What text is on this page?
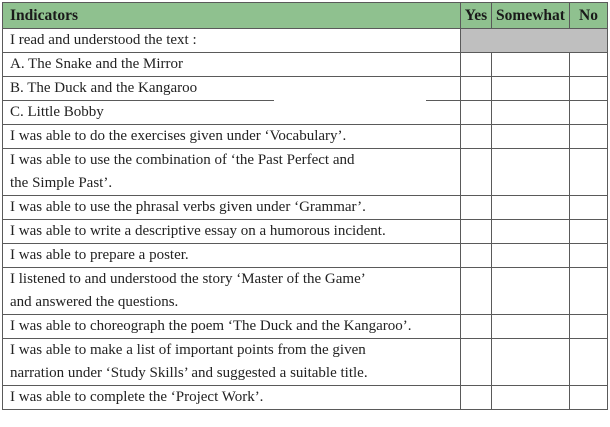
Indicators	Yes	Somewhat	No

I read and understood the text :			

A. The Snake and the Mirror			

B. The Duck and the Kangaroo			

C. Little Bobby			

I was able to do the exercises given under ‘Vocabulary’.			

I was able to use the combination of ‘the Past Perfect and
the Simple Past’.			

I was able to use the phrasal verbs given under ‘Grammar’.			

I was able to write a descriptive essay on a humorous incident.			

I was able to prepare a poster.			

I listened to and understood the story ‘Master of the Game’
and answered the questions.			

I was able to choreograph the poem ‘The Duck and the Kangaroo’.			

I was able to make a list of important points from the given
narration under ‘Study Skills’ and suggested a suitable title.			

I was able to complete the ‘Project Work’.			
